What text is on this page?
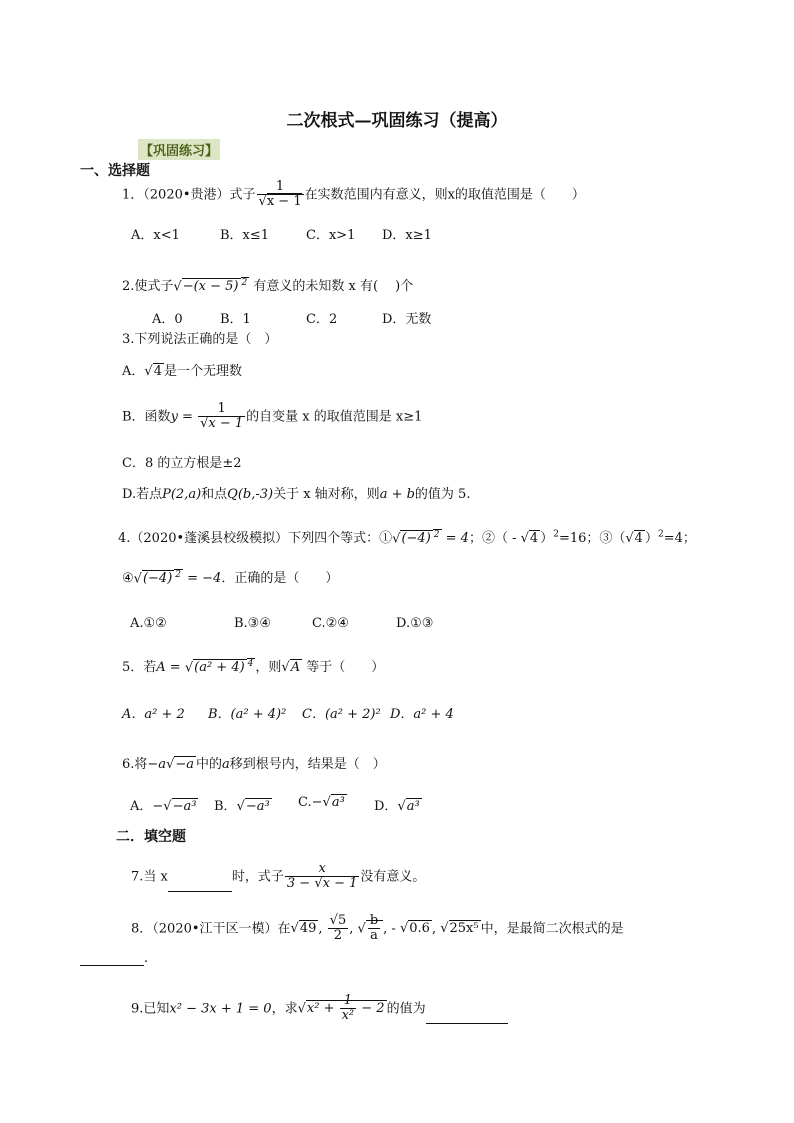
二次根式—巩固练习（提高）
【巩固练习】
一、选择题
1．（2020•贵港）式子 $\frac{1}{√x - 1}$ 在实数范围内有意义，则x的取值范围是（　　）
A．x<1	B．x≤1	C．x>1 D．x≥1
2.使式子√−(x − 5) $^2$ 有意义的未知数 x 有(　 )个
A．0	B．1	C．2	D．无数
3.下列说法正确的是（　）
A．√4 是一个无理数
B．函数$y = \frac{1}{√x - 1}$ 的自变量 x 的取值范围是 x≥1
C．8 的立方根是±2
D.若点P(2,a)和点Q(b,-3)关于 x 轴对称，则a + b的值为 5.
4.（2020•蓬溪县校级模拟）下列四个等式：①√(−4) $^2$ = 4；②（ - √4 ）$^2$=16；③（√4 ）$^2$=4；
④√(−4) $^2$ = −4．正确的是（　　）
A.①②	B.③④	C.②④	D.①③
5．若A = √(a² + 4) $^4$ ，则√A 等于（　　）
A．a² + 2 B．(a² + 4)² C．(a² + 2)² D．a² + 4
6.将−a√−a 中的a移到根号内，结果是（　）
A．−√−a³ B．√−a³ C.−√a³ D．√a³
二．填空题
7.当 x	时，式子 $\frac{x}{3 - √x - 1}$ 没有意义。
8．（2020•江干区一模）在√49 , $\frac{√5}{2}$ , √ $\frac{b}{a}$ , - √0.6 , √25x⁵ 中，是最简二次根式的是
.
9.已知x² − 3x + 1 = 0，求$√x^2 + \frac{1}{\text{x²}} - 2$ 的值为
